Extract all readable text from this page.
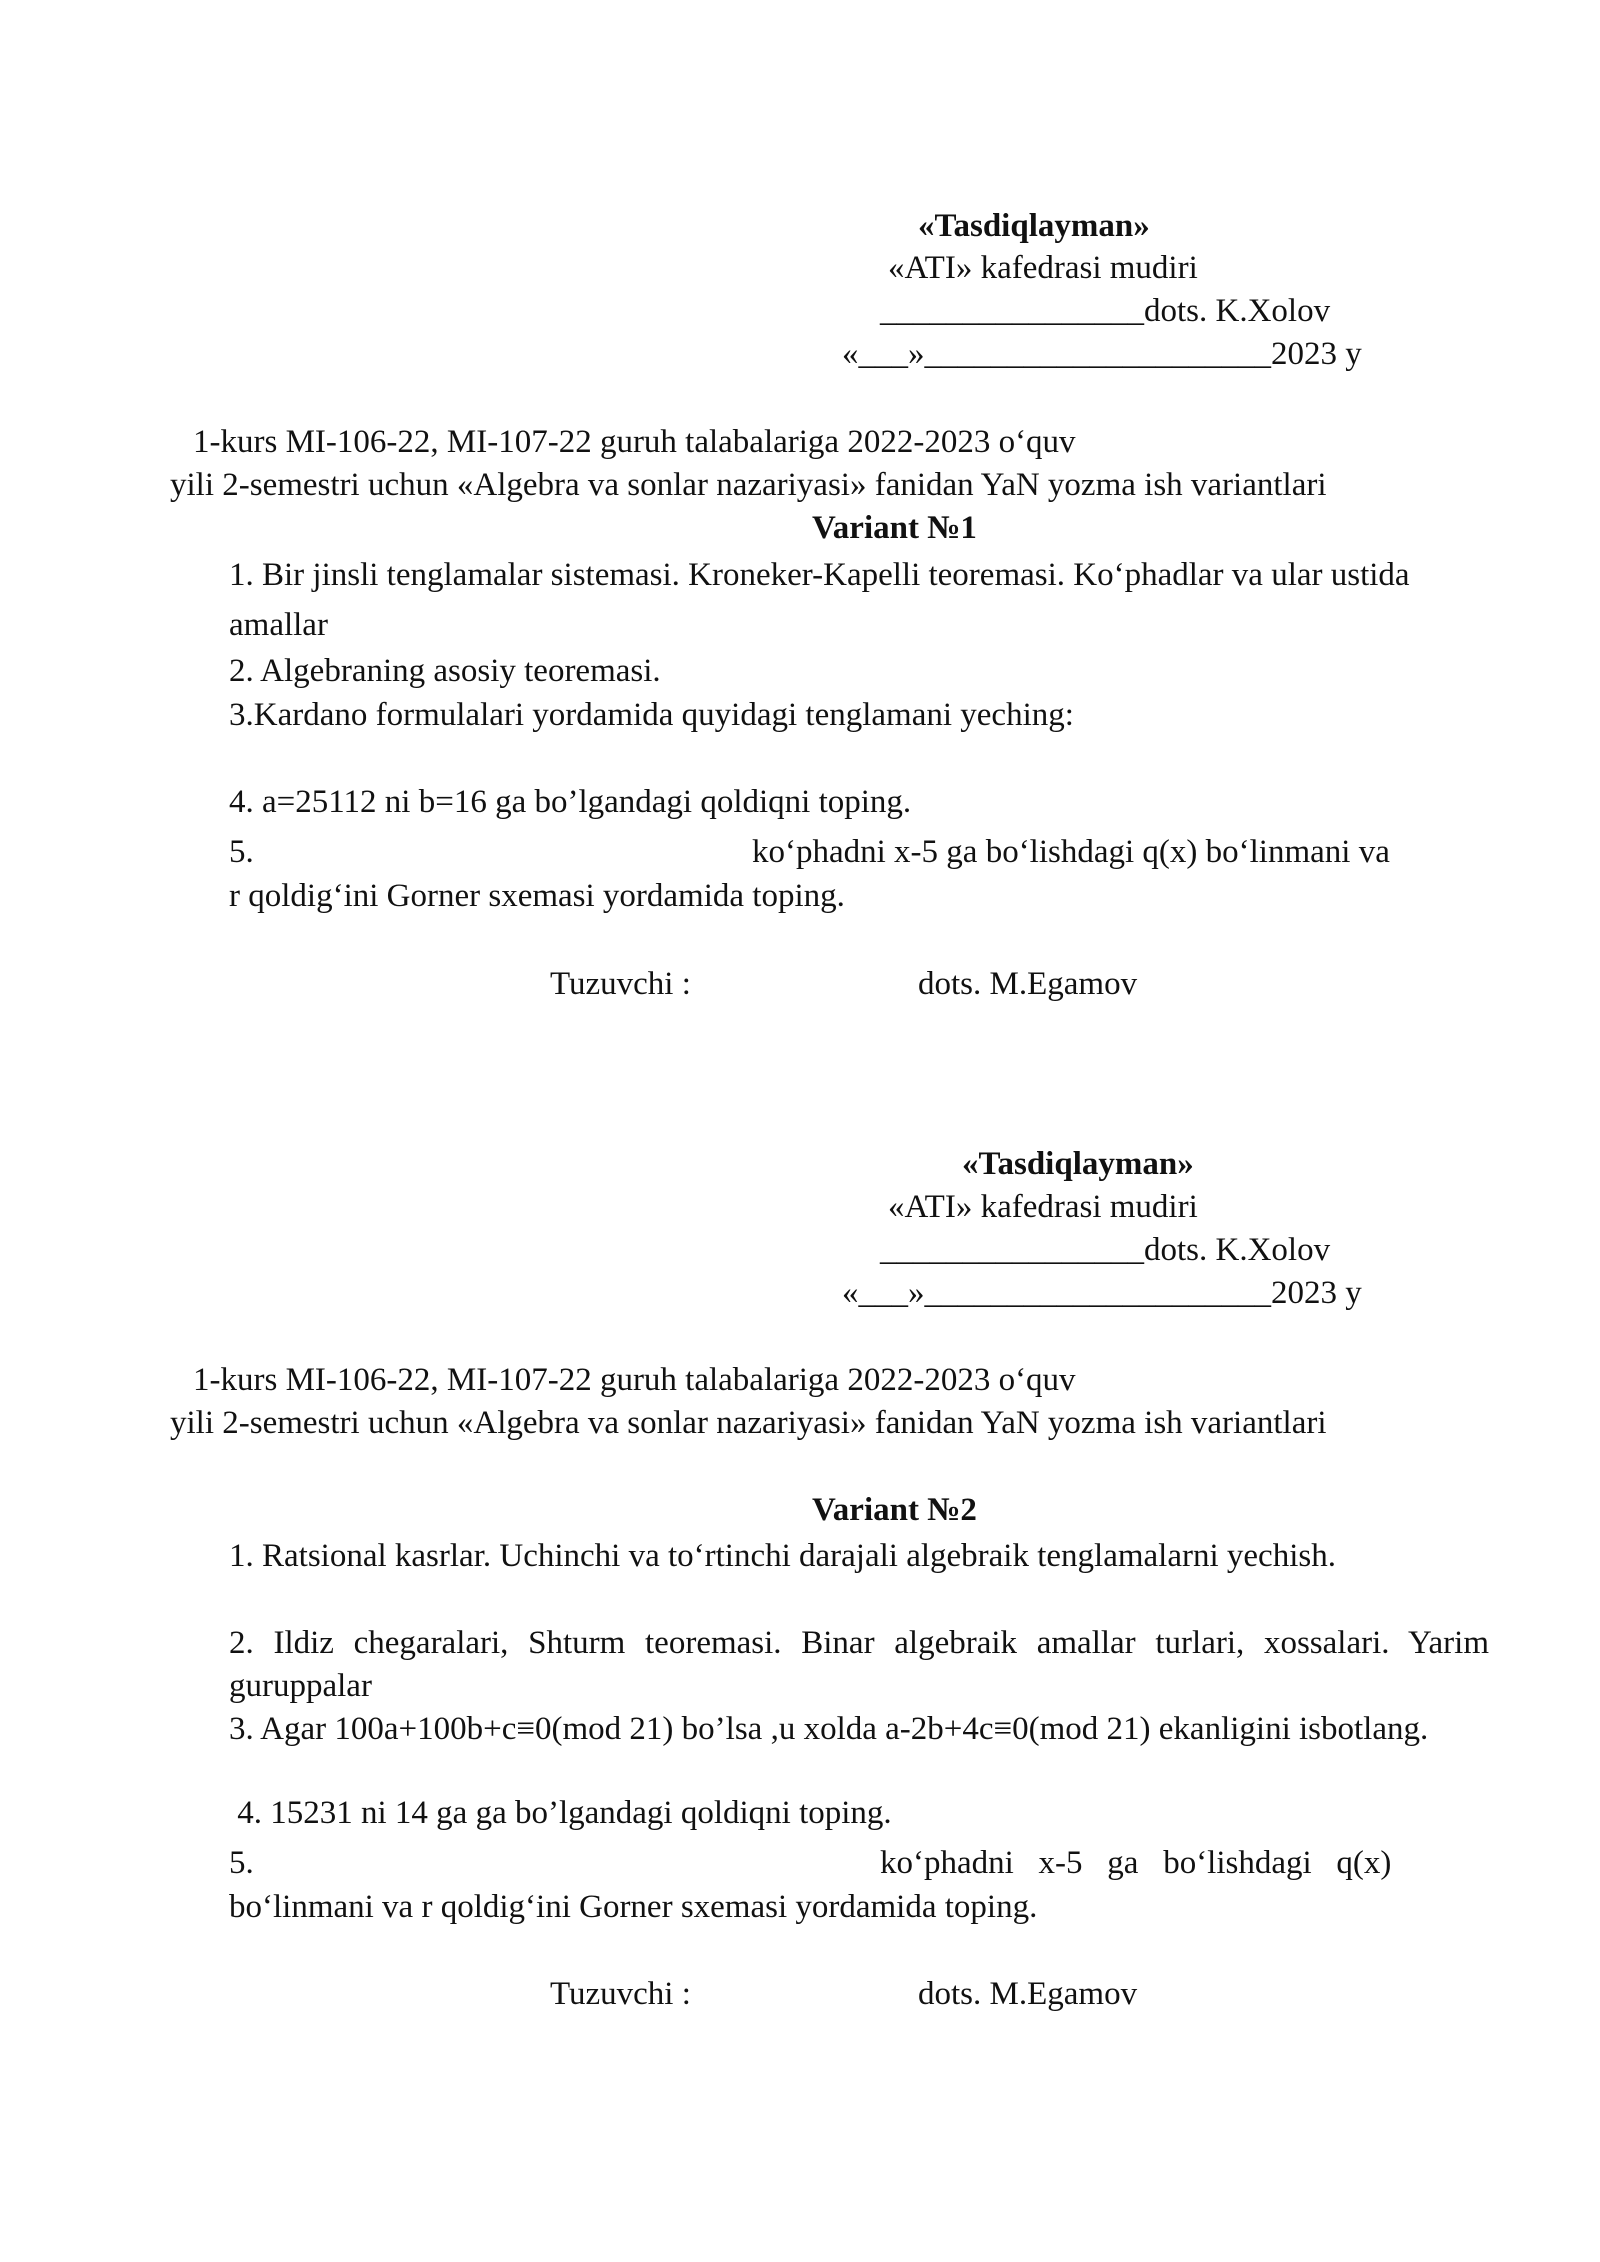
«Tasdiqlayman»
«ATI» kafedrasi mudiri
________________dots. K.Xolov
«___»_____________________2023 y
1-kurs MI-106-22, MI-107-22 guruh talabalariga 2022-2023 o‘quv
yili 2-semestri uchun «Algebra va sonlar nazariyasi» fanidan YaN yozma ish variantlari
Variant №1
1. Bir jinsli tenglamalar sistemasi. Kroneker-Kapelli teoremasi. Ko‘phadlar va ular ustida amallar
2. Algebraning asosiy teoremasi.
3.Kardano formulalari yordamida quyidagi tenglamani yeching:
4. a=25112 ni b=16 ga bo’lgandagi qoldiqni toping.
5.	ko‘phadni x-5 ga bo‘lishdagi q(x) bo‘linmani va
r qoldig‘ini Gorner sxemasi yordamida toping.
Tuzuvchi :	dots. M.Egamov
«Tasdiqlayman»
«ATI» kafedrasi mudiri
________________dots. K.Xolov
«___»_____________________2023 y
1-kurs MI-106-22, MI-107-22 guruh talabalariga 2022-2023 o‘quv
yili 2-semestri uchun «Algebra va sonlar nazariyasi» fanidan YaN yozma ish variantlari
Variant №2
1. Ratsional kasrlar. Uchinchi va to‘rtinchi darajali algebraik tenglamalarni yechish.
2. Ildiz chegaralari, Shturm teoremasi. Binar algebraik amallar turlari, xossalari. Yarim guruppalar
3. Agar 100a+100b+c≡0(mod 21) bo’lsa ,u xolda a-2b+4c≡0(mod 21) ekanligini isbotlang.
4. 15231 ni 14 ga ga bo’lgandagi qoldiqni toping.
5.	ko‘phadni   x-5   ga   bo‘lishdagi   q(x)
bo‘linmani va r qoldig‘ini Gorner sxemasi yordamida toping.
Tuzuvchi :	dots. M.Egamov
